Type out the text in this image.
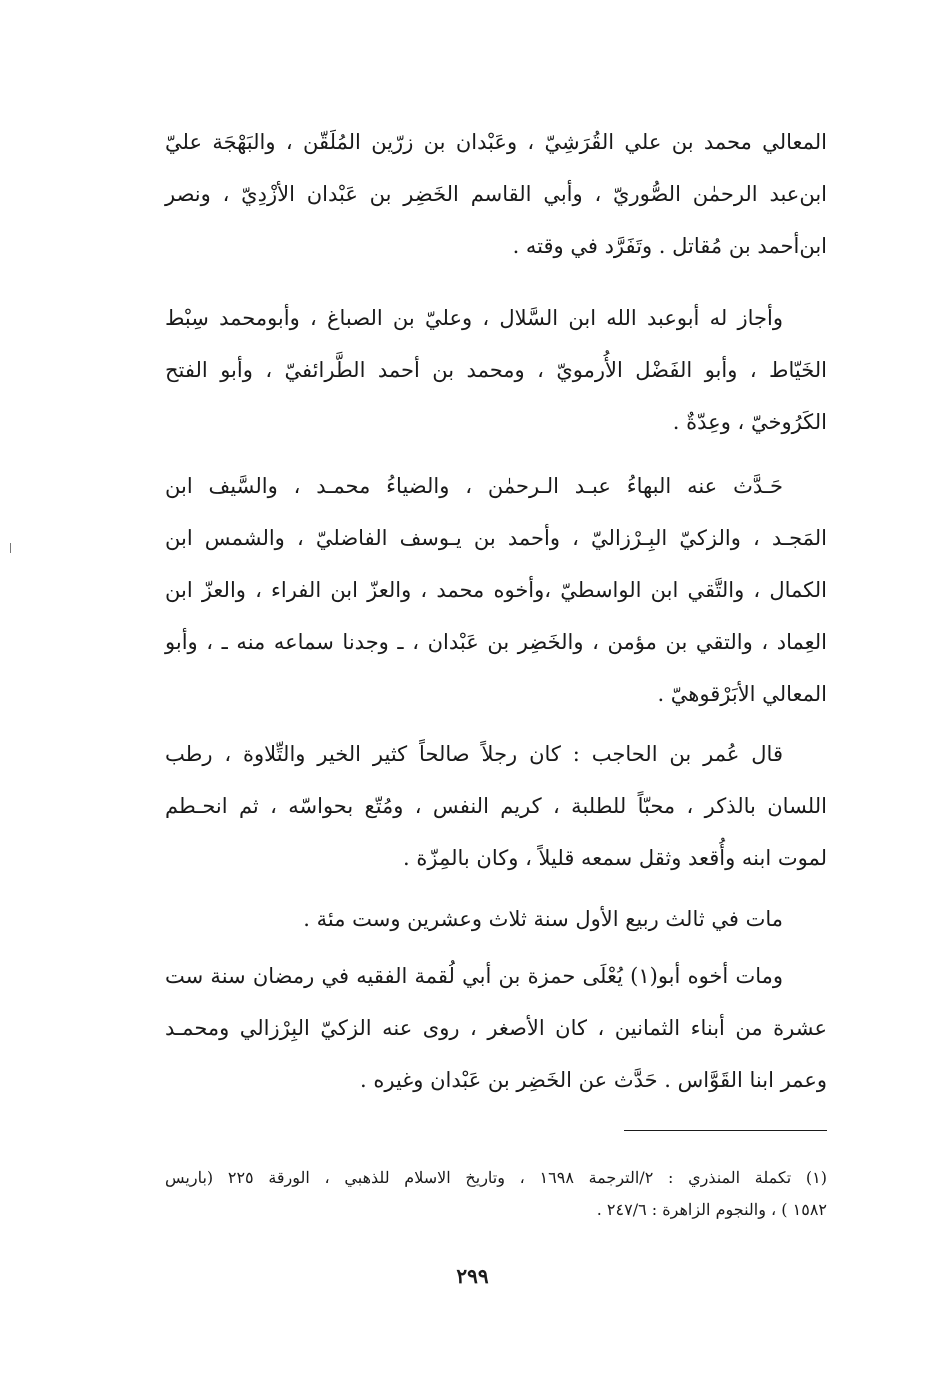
المعالي محمد بن علي القُرَشِيّ ، وعَبْدان بن زرّين المُلَقّن ، والبَهْجَة عليّ
ابن‌عبد الرحمٰن الصُّوريّ ، وأبي القاسم الخَضِر بن عَبْدان الأزْدِيّ ، ونصر
ابن‌أحمد بن مُقاتل . وتَفَرَّد في وقته .
وأجاز له أبوعبد الله ابن السَّلال ، وعليّ بن الصباغ ، وأبومحمد سِبْط
الخَيّاط ، وأبو الفَضْل الأُرمويّ ، ومحمد بن أحمد الطَّرائفيّ ، وأبو الفتح
الكَرُوخيّ ، وعِدّةٌ .
حَـدَّث عنه البهاءُ عبـد الـرحمٰن ، والضياءُ محمـد ، والسَّيف ابن
المَجـد ، والزكيّ البِـرْزاليّ ، وأحمد بن يـوسف الفاضليّ ، والشمس ابن
الكمال ، والتَّقي ابن الواسطيّ ،وأخوه محمد ، والعزّ ابن الفراء ، والعزّ ابن
العِماد ، والتقي بن مؤمن ، والخَضِر بن عَبْدان ، ـ وجدنا سماعه منه ـ ، وأبو
المعالي الأبَرْقوهيّ .
قال عُمر بن الحاجب : كان رجلاً صالحاً كثير الخير والتِّلاوة ، رطب
اللسان بالذكر ، محبّاً للطلبة ، كريم النفس ، ومُتّع بحواسّه ، ثم انحـطم
لموت ابنه وأُقعد وثقل سمعه قليلاً ، وكان بالمِزّة .
مات في ثالث ربيع الأول سنة ثلاث وعشرين وست مئة .
ومات أخوه أبو(١) يُعْلَى حمزة بن أبي لُقمة الفقيه في رمضان سنة ست
عشرة من أبناء الثمانين ، كان الأصغر ، روى عنه الزكيّ البِرْزالي ومحمـد
وعمر ابنا القَوَّاس . حَدَّث عن الخَضِر بن عَبْدان وغيره .
(١) تكملة المنذري : ٢/الترجمة ١٦٩٨ ، وتاريخ الاسلام للذهبي ، الورقة ٢٢٥ (باريس
١٥٨٢ ) ، والنجوم الزاهرة : ٢٤٧/٦ .
٢٩٩
